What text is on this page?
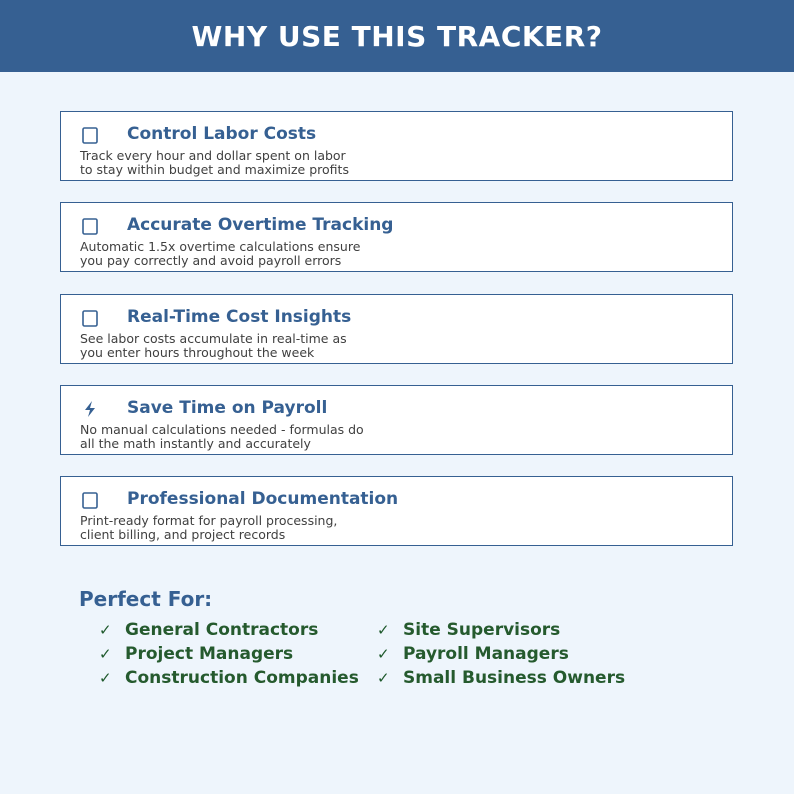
WHY USE THIS TRACKER?
Control Labor Costs
Track every hour and dollar spent on labor
to stay within budget and maximize profits
Accurate Overtime Tracking
Automatic 1.5x overtime calculations ensure
you pay correctly and avoid payroll errors
Real-Time Cost Insights
See labor costs accumulate in real-time as
you enter hours throughout the week
Save Time on Payroll
No manual calculations needed - formulas do
all the math instantly and accurately
Professional Documentation
Print-ready format for payroll processing,
client billing, and project records
Perfect For:
✓ General Contractors
✓ Project Managers
✓ Construction Companies
✓ Site Supervisors
✓ Payroll Managers
✓ Small Business Owners
